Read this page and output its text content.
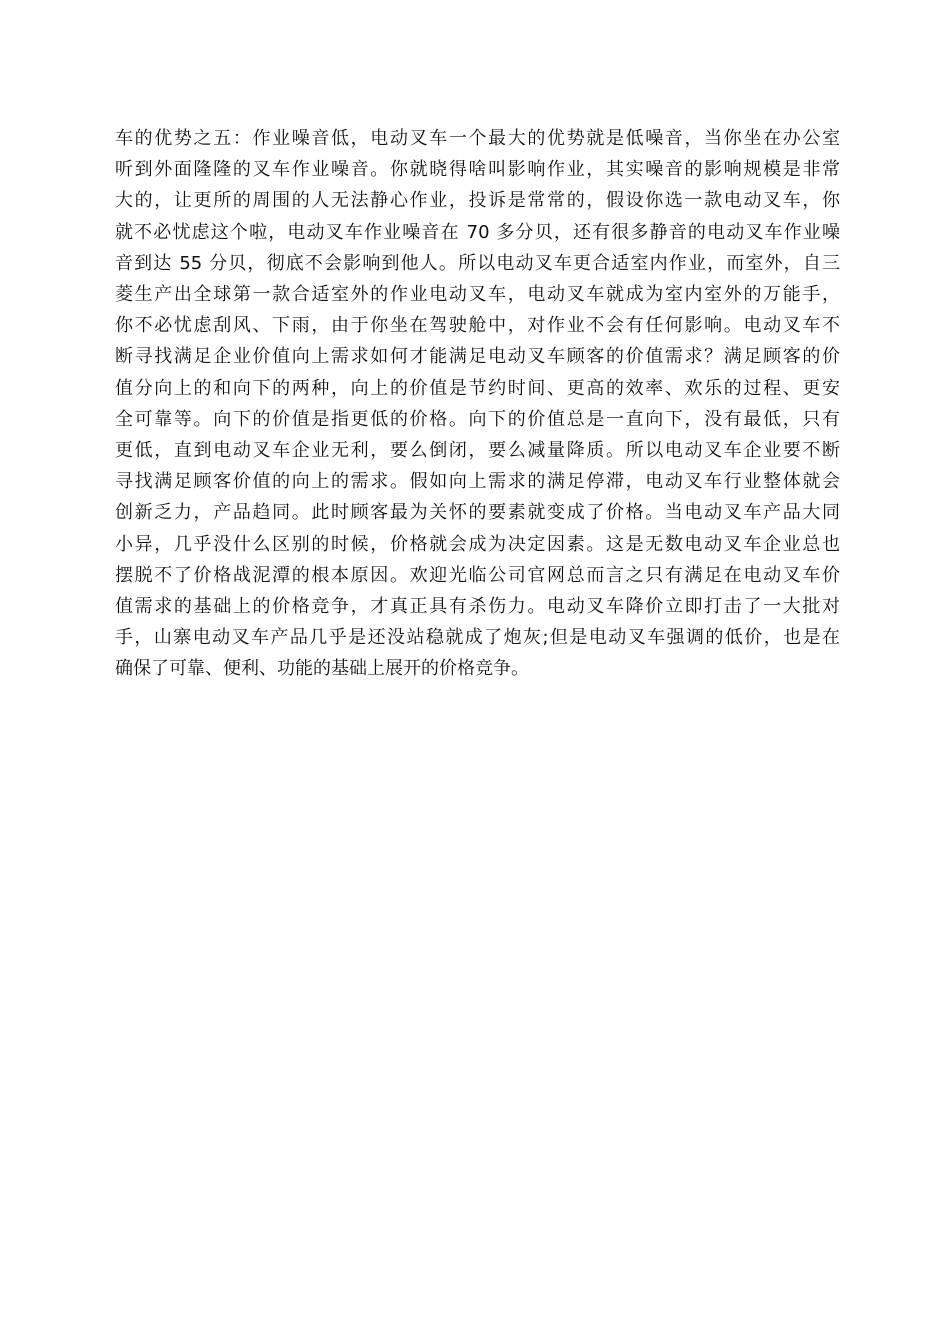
车的优势之五：作业噪音低，电动叉车一个最大的优势就是低噪音，当你坐在办公室
听到外面隆隆的叉车作业噪音。你就晓得啥叫影响作业，其实噪音的影响规模是非常
大的，让更所的周围的人无法静心作业，投诉是常常的，假设你选一款电动叉车，你
就不必忧虑这个啦，电动叉车作业噪音在 70 多分贝，还有很多静音的电动叉车作业噪
音到达 55 分贝，彻底不会影响到他人。所以电动叉车更合适室内作业，而室外，自三
菱生产出全球第一款合适室外的作业电动叉车，电动叉车就成为室内室外的万能手，
你不必忧虑刮风、下雨，由于你坐在驾驶舱中，对作业不会有任何影响。电动叉车不
断寻找满足企业价值向上需求如何才能满足电动叉车顾客的价值需求？满足顾客的价
值分向上的和向下的两种，向上的价值是节约时间、更高的效率、欢乐的过程、更安
全可靠等。向下的价值是指更低的价格。向下的价值总是一直向下，没有最低，只有
更低，直到电动叉车企业无利，要么倒闭，要么减量降质。所以电动叉车企业要不断
寻找满足顾客价值的向上的需求。假如向上需求的满足停滞，电动叉车行业整体就会
创新乏力，产品趋同。此时顾客最为关怀的要素就变成了价格。当电动叉车产品大同
小异，几乎没什么区别的时候，价格就会成为决定因素。这是无数电动叉车企业总也
摆脱不了价格战泥潭的根本原因。欢迎光临公司官网总而言之只有满足在电动叉车价
值需求的基础上的价格竞争，才真正具有杀伤力。电动叉车降价立即打击了一大批对
手，山寨电动叉车产品几乎是还没站稳就成了炮灰;但是电动叉车强调的低价，也是在
确保了可靠、便利、功能的基础上展开的价格竞争。
